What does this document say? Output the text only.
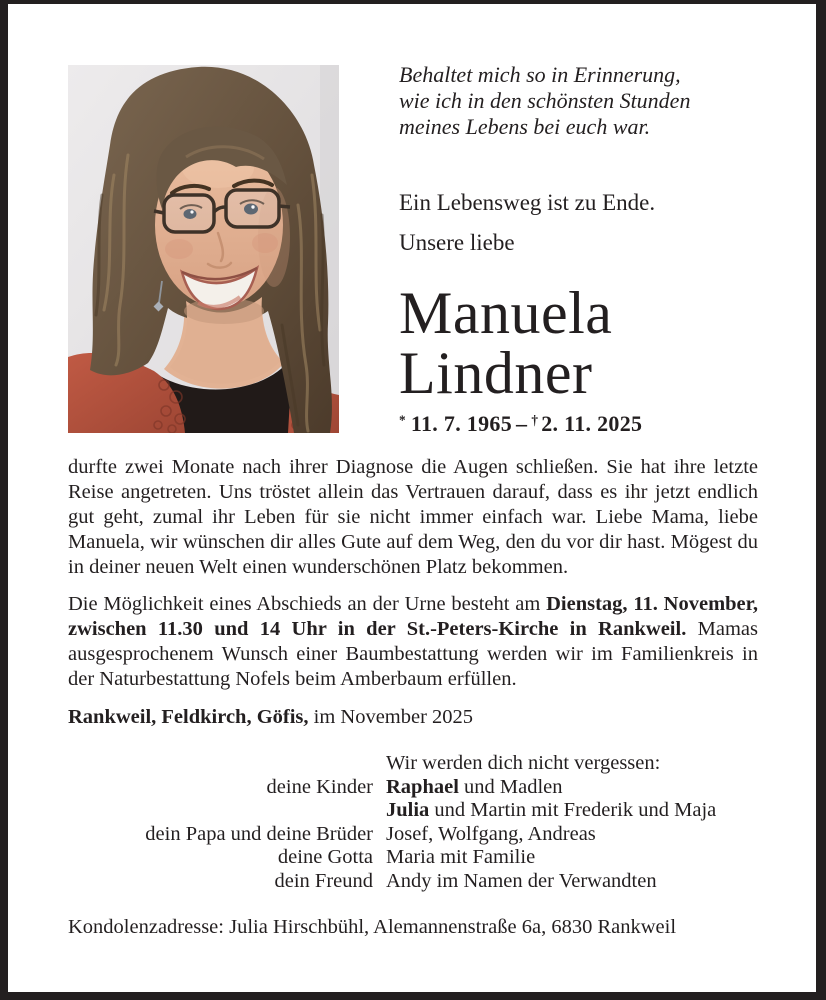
Behaltet mich so in Erinnerung,
wie ich in den schönsten Stunden
meines Lebens bei euch war.

Ein Lebensweg ist zu Ende.

Unsere liebe

Manuela
Lindner

* 11. 7. 1965 – † 2. 11. 2025

durfte zwei Monate nach ihrer Diagnose die Augen schließen. Sie hat ihre letzte Reise angetreten. Uns tröstet allein das Vertrauen darauf, dass es ihr jetzt endlich gut geht, zumal ihr Leben für sie nicht immer einfach war. Liebe Mama, liebe Manuela, wir wünschen dir alles Gute auf dem Weg, den du vor dir hast. Mögest du in deiner neuen Welt einen wunderschönen Platz bekommen.

Die Möglichkeit eines Abschieds an der Urne besteht am Dienstag, 11. November, zwischen 11.30 und 14 Uhr in der St.-Peters-Kirche in Rankweil. Mamas ausgesprochenem Wunsch einer Baumbestattung werden wir im Familienkreis in der Naturbestattung Nofels beim Amberbaum erfüllen.

Rankweil, Feldkirch, Göfis, im November 2025

Wir werden dich nicht vergessen:
deine Kinder Raphael und Madlen
Julia und Martin mit Frederik und Maja
dein Papa und deine Brüder Josef, Wolfgang, Andreas
deine Gotta Maria mit Familie
dein Freund Andy im Namen der Verwandten

Kondolenzadresse: Julia Hirschbühl, Alemannenstraße 6a, 6830 Rankweil
